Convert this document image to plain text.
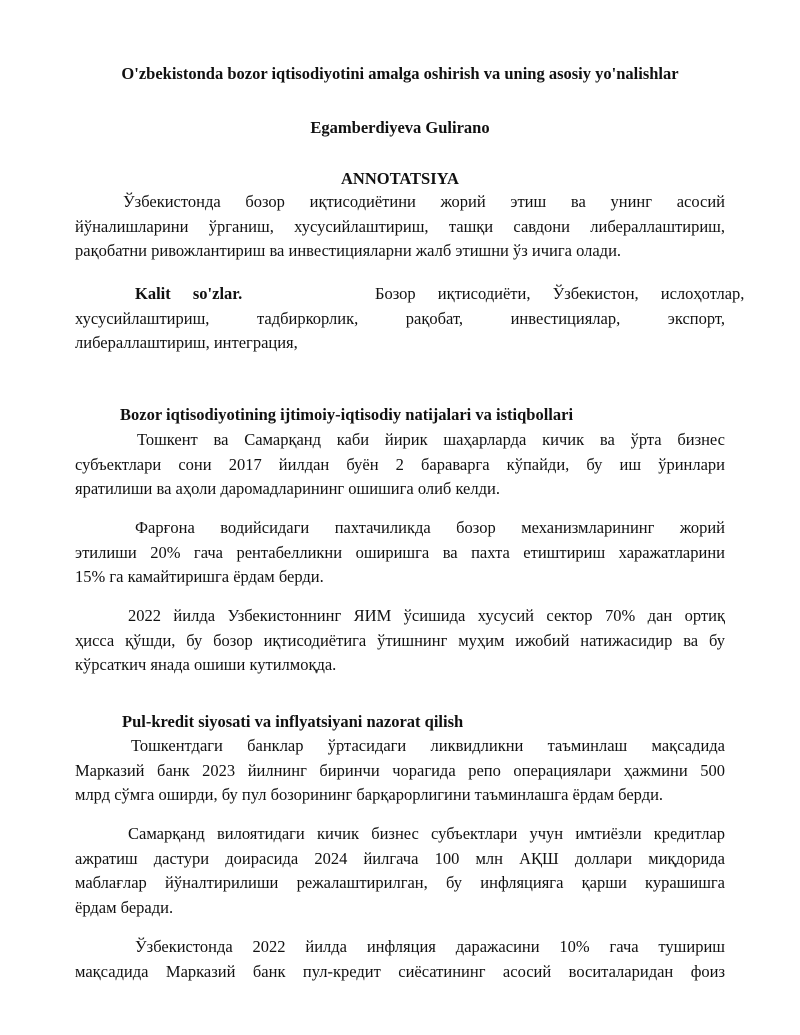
O'zbekistonda bozor iqtisodiyotini amalga oshirish va uning asosiy yo'nalishlar
Egamberdiyeva Gulirano
ANNOTATSIYA
Ўзбекистонда бозор иқтисодиётини жорий этиш ва унинг асосий
йўналишларини ўрганиш, хусусийлаштириш, ташқи савдони либераллаштириш,
рақобатни ривожлантириш ва инвестицияларни жалб этишни ўз ичига олади.
Kalit so'zlar.	Бозор иқтисодиёти, Ўзбекистон, ислоҳотлар,
хусусийлаштириш, тадбиркорлик, рақобат, инвестициялар, экспорт,
либераллаштириш, интеграция,
Bozor iqtisodiyotining ijtimoiy-iqtisodiy natijalari va istiqbollari
Тошкент ва Самарқанд каби йирик шаҳарларда кичик ва ўрта бизнес
субъектлари сони 2017 йилдан буён 2 бараварга кўпайди, бу иш ўринлари
яратилиши ва аҳоли даромадларининг ошишига олиб келди.
Фарғона водийсидаги пахтачиликда бозор механизмларининг жорий
этилиши 20% гача рентабелликни оширишга ва пахта етиштириш харажатларини
15% га камайтиришга ёрдам берди.
2022 йилда Узбекистоннинг ЯИМ ўсишида хусусий сектор 70% дан ортиқ
ҳисса қўшди, бу бозор иқтисодиётига ўтишнинг муҳим ижобий натижасидир ва бу
кўрсаткич янада ошиши кутилмоқда.
Pul-kredit siyosati va inflyatsiyani nazorat qilish
Тошкентдаги банклар ўртасидаги ликвидликни таъминлаш мақсадида
Марказий банк 2023 йилнинг биринчи чорагида репо операциялари ҳажмини 500
млрд сўмга оширди, бу пул бозорининг барқарорлигини таъминлашга ёрдам берди.
Самарқанд вилоятидаги кичик бизнес субъектлари учун имтиёзли кредитлар
ажратиш дастури доирасида 2024 йилгача 100 млн АҚШ доллари миқдорида
маблағлар йўналтирилиши режалаштирилган, бу инфляцияга қарши курашишга
ёрдам беради.
Ўзбекистонда 2022 йилда инфляция даражасини 10% гача тушириш
мақсадида Марказий банк пул-кредит сиёсатининг асосий воситаларидан фоиз
